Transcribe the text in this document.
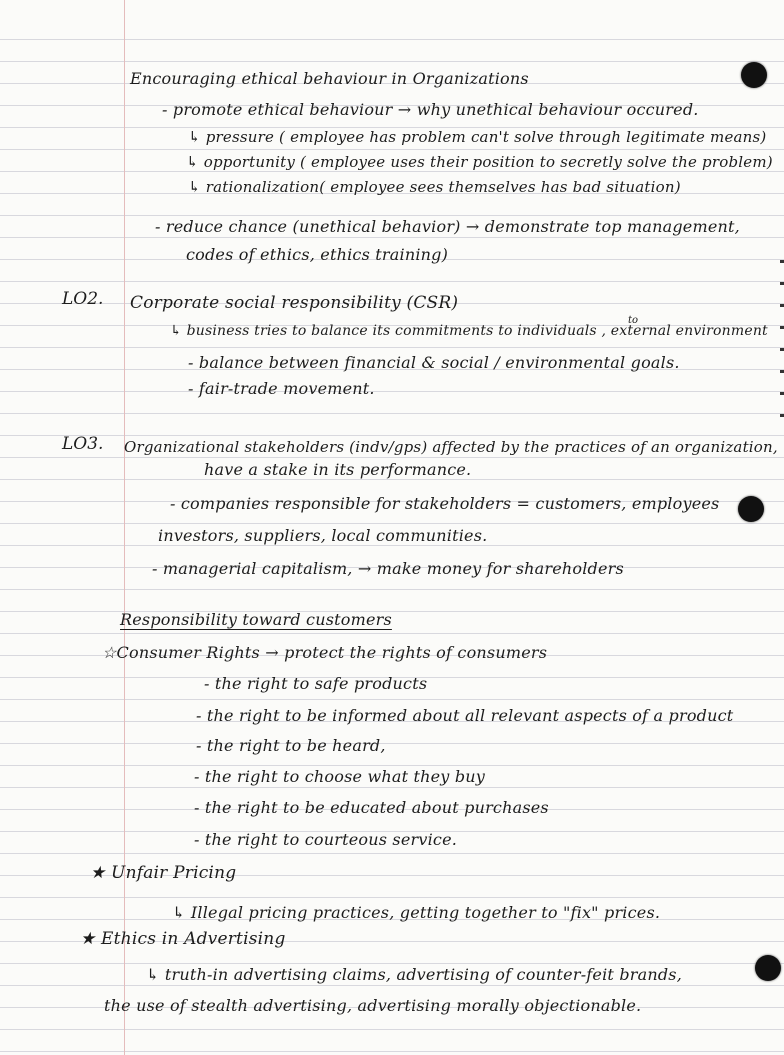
Encouraging ethical behaviour in Organizations

- promote ethical behaviour → why unethical behaviour occured.

↳ pressure ( employee has problem can't solve through legitimate means)

↳ opportunity ( employee uses their position to secretly solve the problem)

↳ rationalization( employee sees themselves has bad situation)

- reduce chance (unethical behavior) → demonstrate top management,

codes of ethics, ethics training)

LO2. Corporate social responsibility (CSR)

↳ business tries to balance its commitments to individuals , external environment

to

- balance between financial & social / environmental goals.

- fair-trade movement.

LO3. Organizational stakeholders (indv/gps) affected by the practices of an organization,

have a stake in its performance.

- companies responsible for stakeholders = customers, employees

investors, suppliers, local communities.

- managerial capitalism, → make money for shareholders

Responsibility toward customers

☆Consumer Rights → protect the rights of consumers

- the right to safe products

- the right to be informed about all relevant aspects of a product

- the right to be heard,

- the right to choose what they buy

- the right to be educated about purchases

- the right to courteous service.

★ Unfair Pricing

↳ Illegal pricing practices, getting together to "fix" prices.

★ Ethics in Advertising

↳ truth-in advertising claims, advertising of counter-feit brands,

the use of stealth advertising, advertising morally objectionable.
